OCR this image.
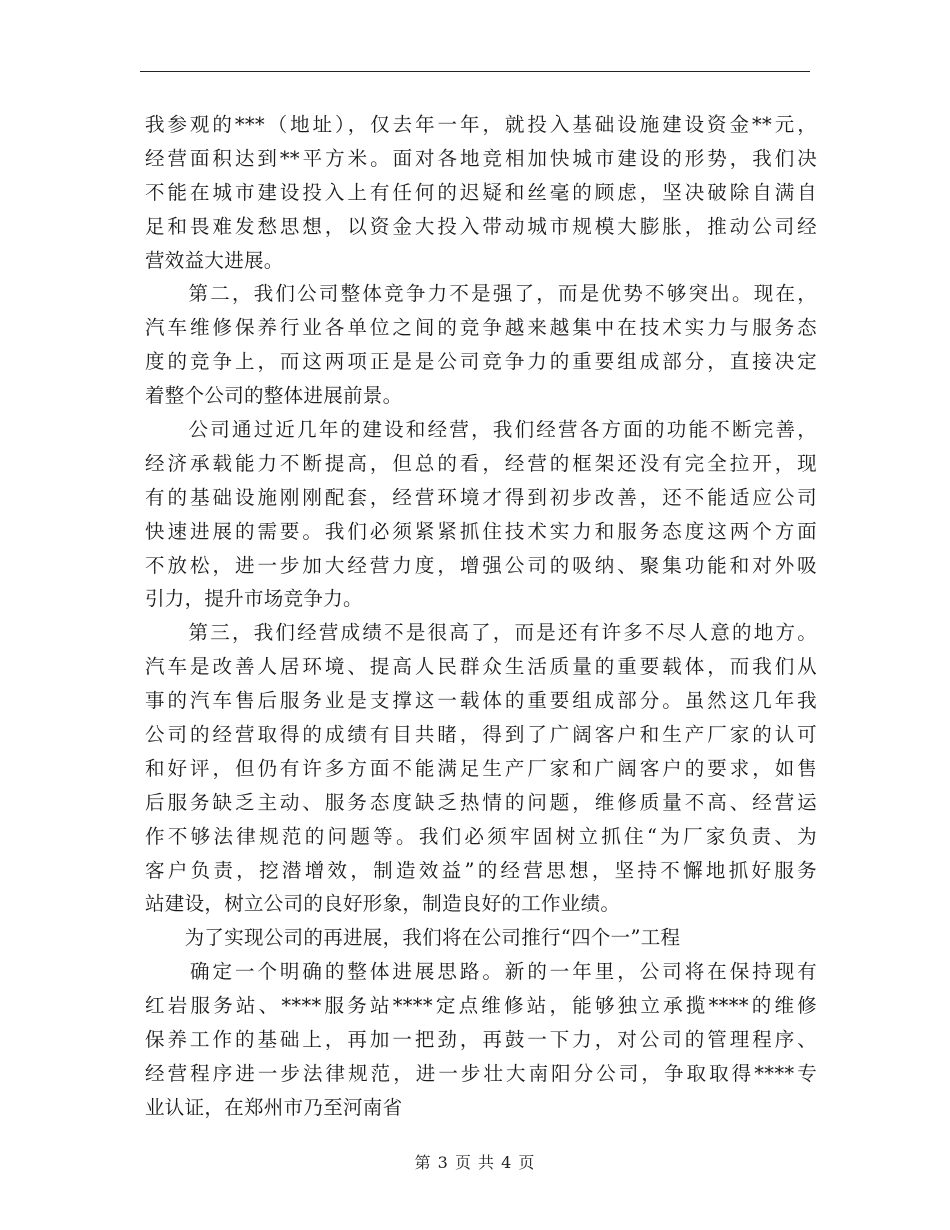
我参观的***（地址），仅去年一年，就投入基础设施建设资金**元，
经营面积达到**平方米。面对各地竞相加快城市建设的形势，我们决
不能在城市建设投入上有任何的迟疑和丝毫的顾虑，坚决破除自满自
足和畏难发愁思想，以资金大投入带动城市规模大膨胀，推动公司经
营效益大进展。
　　第二，我们公司整体竞争力不是强了，而是优势不够突出。现在，
汽车维修保养行业各单位之间的竞争越来越集中在技术实力与服务态
度的竞争上，而这两项正是是公司竞争力的重要组成部分，直接决定
着整个公司的整体进展前景。
　　公司通过近几年的建设和经营，我们经营各方面的功能不断完善，
经济承载能力不断提高，但总的看，经营的框架还没有完全拉开，现
有的基础设施刚刚配套，经营环境才得到初步改善，还不能适应公司
快速进展的需要。我们必须紧紧抓住技术实力和服务态度这两个方面
不放松，进一步加大经营力度，增强公司的吸纳、聚集功能和对外吸
引力，提升市场竞争力。
　　第三，我们经营成绩不是很高了，而是还有许多不尽人意的地方。
汽车是改善人居环境、提高人民群众生活质量的重要载体，而我们从
事的汽车售后服务业是支撑这一载体的重要组成部分。虽然这几年我
公司的经营取得的成绩有目共睹，得到了广阔客户和生产厂家的认可
和好评，但仍有许多方面不能满足生产厂家和广阔客户的要求，如售
后服务缺乏主动、服务态度缺乏热情的问题，维修质量不高、经营运
作不够法律规范的问题等。我们必须牢固树立抓住“为厂家负责、为
客户负责，挖潜增效，制造效益”的经营思想，坚持不懈地抓好服务
站建设，树立公司的良好形象，制造良好的工作业绩。
　　为了实现公司的再进展，我们将在公司推行“四个一”工程
　　确定一个明确的整体进展思路。新的一年里，公司将在保持现有
红岩服务站、****服务站****定点维修站，能够独立承揽****的维修
保养工作的基础上，再加一把劲，再鼓一下力，对公司的管理程序、
经营程序进一步法律规范，进一步壮大南阳分公司，争取取得****专
业认证，在郑州市乃至河南省
第 3 页 共 4 页
